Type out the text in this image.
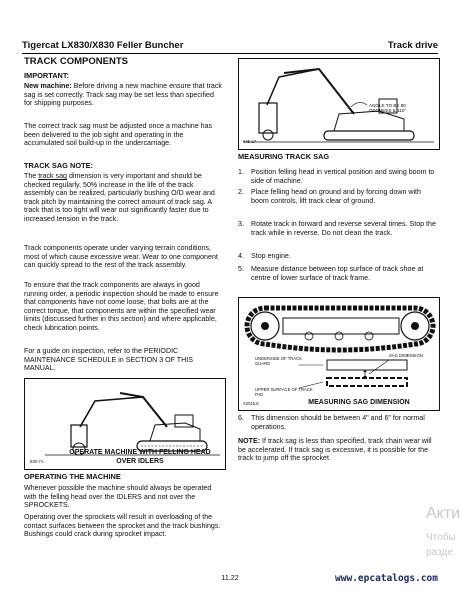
Tigercat LX830/X830 Feller Buncher	Track drive
TRACK COMPONENTS
IMPORTANT:

New machine: Before driving a new machine ensure that track sag is set correctly. Track sag may be set less than specified for shipping purposes.

The correct track sag must be adjusted once a machine has been delivered to the job sight and operating in the accumulated soil build-up in the undercarriage.
TRACK SAG NOTE:

The track sag dimension is very important and should be checked regularly, 50% increase in the life of the track assembly can be realized, particularly bushing O/D wear and track pitch by maintaining the correct amount of track sag. A track that is too tight will wear out significantly faster due to increased tension in the track.

Track components operate under varying terrain conditions, most of which cause excessive wear. Wear to one component can quickly spread to the rest of the track assembly.
To ensure that the track components are always in good running order, a periodic inspection should be made to ensure that components have not come loose, that bolts are at the correct torque, that components are within the specified wear limits (discussed further in this section) and where applicable, check lubrication points.
For a guide on inspection, refer to the PERIODIC MAINTENANCE SCHEDULE in SECTION 3 OF THIS MANUAL.
OPERATE MACHINE WITH FELLING HEAD OVER IDLERS
830-7A
OPERATING THE MACHINE
Whenever possible the machine should always be operated with the felling head over the IDLERS and not over the SPROCKETS.
Operating over the sprockets will result in overloading of the contact surfaces between the sprocket and the track bushings. Bushings could crack during sprocket impact.
ANGLE TO BE 90 DEGREES & 110°
845-17
MEASURING TRACK SAG
1. Position felling head in vertical position and swing boom to side of machine.
2. Place felling head on ground and by forcing down with boom controls, lift track clear of ground.
3. Rotate track in forward and reverse several times. Stop the track while in reverse. Do not clean the track.
4. Stop engine.
5. Measure distance between top surface of track shoe at centre of lower surface of track frame.
UNDERSIDE OF TRACK GUARD
SAG DIMENSION
UPPER SURFACE OF TRACK PAD
S2015.8	MEASURING SAG DIMENSION
6. This dimension should be between 4" and 6" for normal operations.

NOTE: If track sag is less than specified, track chain wear will be accelerated. If track sag is excessive, it is possible for the track to jump off the sprocket.

11.22	www.epcatalogs.com
Акти
Чтобы
разде
